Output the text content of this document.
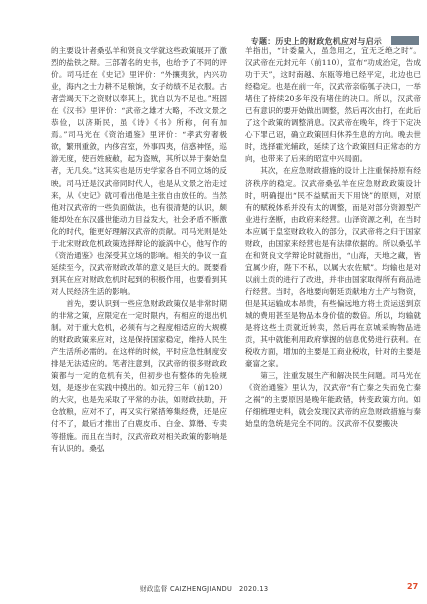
专题：历史上的财政危机应对与启示

的主要设计者桑弘羊和贤良文学就这些政策展开了激烈的盐铁之辩。三部著名的史书，也给予了不同的评价。司马迁在《史记》里评价：“外攘夷狄，内兴功业，海内之士力耕不足粮饷，女子纺绩不足衣服。古者尝竭天下之资财以奉其上，犹自以为不足也。”班固在《汉书》里评价：“武帝之雄才大略，不改文景之恭俭，以济斯民，虽《诗》《书》所称，何有加焉。”司马光在《资治通鉴》里评价：“孝武穷奢极欲，繁刑重敛，内侈宫室，外事四夷，信惑神怪，巡游无度，使百姓疲敝，起为盗贼，其所以异于秦始皇者，无几矣。”这其实也是历史学家各自不同立场的反映。司马迁是汉武帝同时代人，也是从文景之治走过来，从《史记》就可看出他是主张自由放任的。当然他对汉武帝的一些负面做法，也有很清楚的认识，颇能却处在东汉盛世能动力目益发大，社会矛盾不断激化的时代，能更好理解汉武帝的贡献。司马光则是处于北宋财政危机政策选择辩论的漩涡中心，他写作的《资治通鉴》也深受其立场的影响。相关的争议一直延续至今，汉武帝财政改革的意义是巨大的。既要看到其在应对财政危机时起到的积极作用，也要看到其对人民经济生活的影响。

首先，要认识到一些应急财政政策仅是非常时期的非常之策，应限定在一定时限内，有相应的退出机制。对于重大危机，必须有与之程度相适应的大规模的财政政策来应对，这是保持国家稳定，维持人民生产生活所必需的。在这样的时候，平时应急性制度安排是无法适应的。笔者注意到，汉武帝的很多财政政策都与一定的危机有关，但初步也有整体的先验规划，是逐步在实践中摸出的。如元狩三年（前120）的大灾，也是先采取了平常的办法，如财政扶助，开仓放粮，应对不了，再又实行紧措筹集经费，还是应付不了，最后才推出了白鹿皮币、白金、算缗、专卖等措施。而且在当时，汉武帝政对相关政策的影响是有认识的。桑弘

羊指出，“计委量入，虽急用之，宜无乏绝之时”。汉武帝在元封元年（前110），宣布“功成治定，告成功于天”，这时南越、东瓯等地已经平定，北边也已经稳定。也是在前一年，汉武帝亲临瓠子决口，一举堵住了持续20多年没有堵住的决口。所以，汉武帝已有意识的要开始做出调整，然后再次由打，在此后了这个政策的调整消息。汉武帝在晚年，终于下定决心下罪己诏，确立政策回归休养生息的方向。晚去世时，选择霍光辅政，延续了这个政策回归正常态的方向，也带来了后来的昭宣中兴局面。

其次，在应急财政措施的设计上注重保持原有经济秩序的稳定。汉武帝桑弘羊在应急财政政策设计时，明确提出“民不益赋而天下用饶”的原则，对原有的赋税体系并没有太的调整，而是对部分资源型产业进行垄断，由政府来经营。山泽资源之利，在当时本应属于皇室财政收入的部分，汉武帝将之归于国家财政，由国家来经营也是有法律依据的。所以桑弘羊在和贤良文学辩论时就指出，“山海，天地之藏，皆宜属少府，陛下不私，以属大农佐赋”。均输也是对以前土贡的进行了改进，并非由国家取得所有商品进行经营。当时，各地要向朝廷贡献地方土产与物资，但是其运输成本昂贵，有些偏远地方将土贡运送到京城的费用甚至是物品本身价值的数倍。所以，均输就是将这些土贡就近转卖，然后再在京城采购物品进贡，其中就能利用政府掌握的信息优势进行获利。在税收方面，增加的主要是工商业税收，针对的主要是豪富之家。

第三，注重发展生产和解决民生问题。司马光在《资治通鉴》里认为，汉武帝“有亡秦之失而免亡秦之祸”的主要原因是晚年能政错，转变政策方向。如仔细梳理史料，就会发现汉武帝的应急财政措施与秦始皇的急统是完全不同的。汉武帝不仅要搬决

财政监督 CAIZHENGJIANDU　2020.13	27
